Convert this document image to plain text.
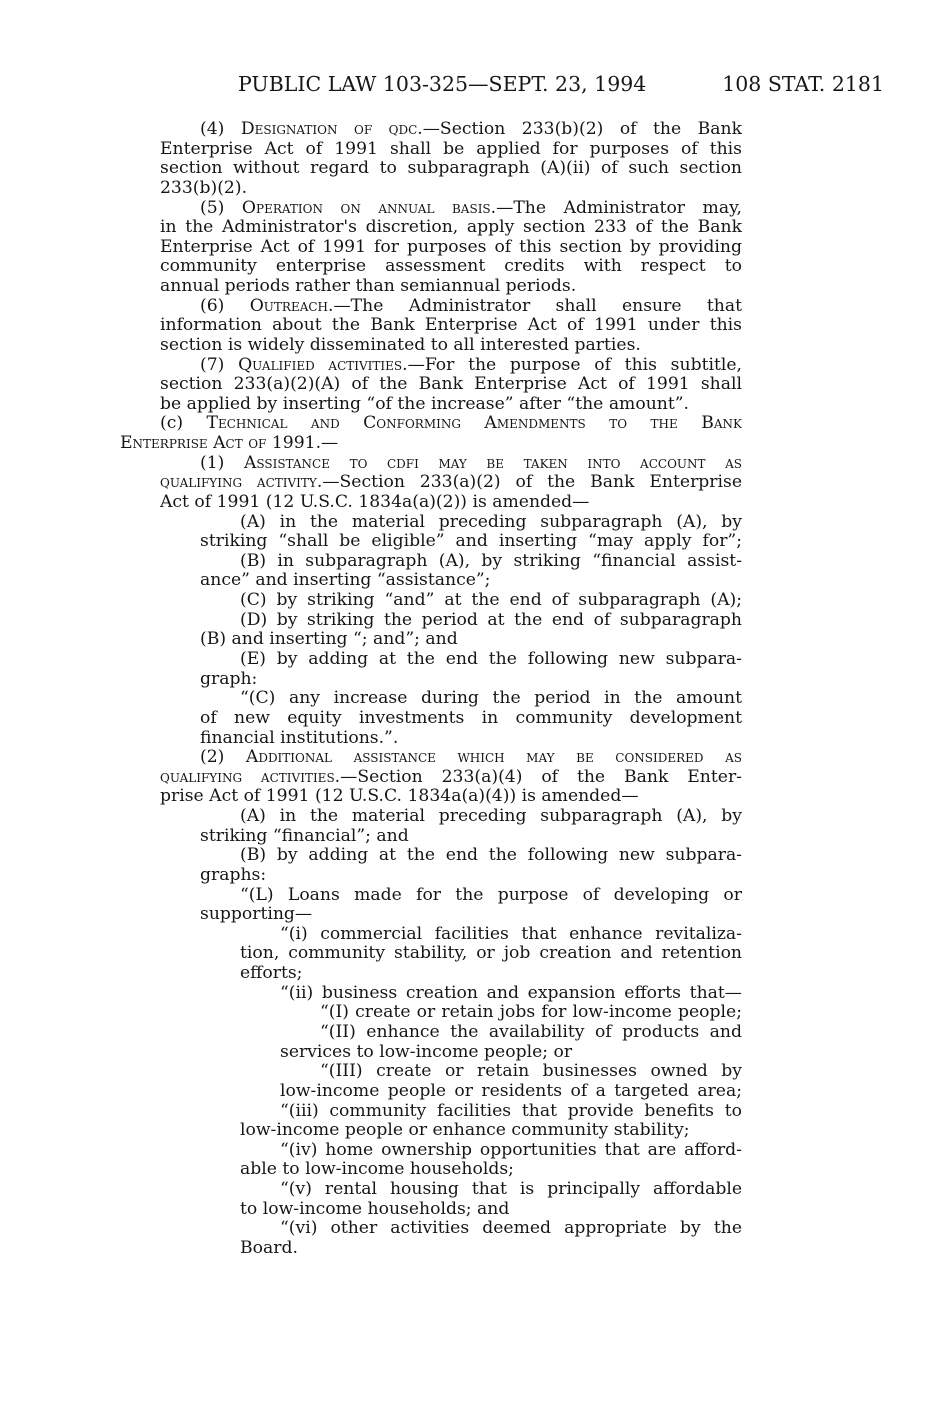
PUBLIC LAW 103-325—SEPT. 23, 1994	108 STAT. 2181
(4) Designation of qdc.—Section 233(b)(2) of the Bank
Enterprise Act of 1991 shall be applied for purposes of this
section without regard to subparagraph (A)(ii) of such section
233(b)(2).
(5) Operation on annual basis.—The Administrator may,
in the Administrator's discretion, apply section 233 of the Bank
Enterprise Act of 1991 for purposes of this section by providing
community enterprise assessment credits with respect to
annual periods rather than semiannual periods.
(6) Outreach.—The Administrator shall ensure that
information about the Bank Enterprise Act of 1991 under this
section is widely disseminated to all interested parties.
(7) Qualified activities.—For the purpose of this subtitle,
section 233(a)(2)(A) of the Bank Enterprise Act of 1991 shall
be applied by inserting “of the increase” after “the amount”.
(c) Technical and Conforming Amendments to the Bank
Enterprise Act of 1991.—
(1) Assistance to cdfi may be taken into account as
qualifying activity.—Section 233(a)(2) of the Bank Enterprise
Act of 1991 (12 U.S.C. 1834a(a)(2)) is amended—
(A) in the material preceding subparagraph (A), by
striking “shall be eligible” and inserting “may apply for”;
(B) in subparagraph (A), by striking “financial assist-
ance” and inserting “assistance”;
(C) by striking “and” at the end of subparagraph (A);
(D) by striking the period at the end of subparagraph
(B) and inserting “; and”; and
(E) by adding at the end the following new subpara-
graph:
“(C) any increase during the period in the amount
of new equity investments in community development
financial institutions.”.
(2) Additional assistance which may be considered as
qualifying activities.—Section 233(a)(4) of the Bank Enter-
prise Act of 1991 (12 U.S.C. 1834a(a)(4)) is amended—
(A) in the material preceding subparagraph (A), by
striking “financial”; and
(B) by adding at the end the following new subpara-
graphs:
“(L) Loans made for the purpose of developing or
supporting—
“(i) commercial facilities that enhance revitaliza-
tion, community stability, or job creation and retention
efforts;
“(ii) business creation and expansion efforts that—
“(I) create or retain jobs for low-income people;
“(II) enhance the availability of products and
services to low-income people; or
“(III) create or retain businesses owned by
low-income people or residents of a targeted area;
“(iii) community facilities that provide benefits to
low-income people or enhance community stability;
“(iv) home ownership opportunities that are afford-
able to low-income households;
“(v) rental housing that is principally affordable
to low-income households; and
“(vi) other activities deemed appropriate by the
Board.
